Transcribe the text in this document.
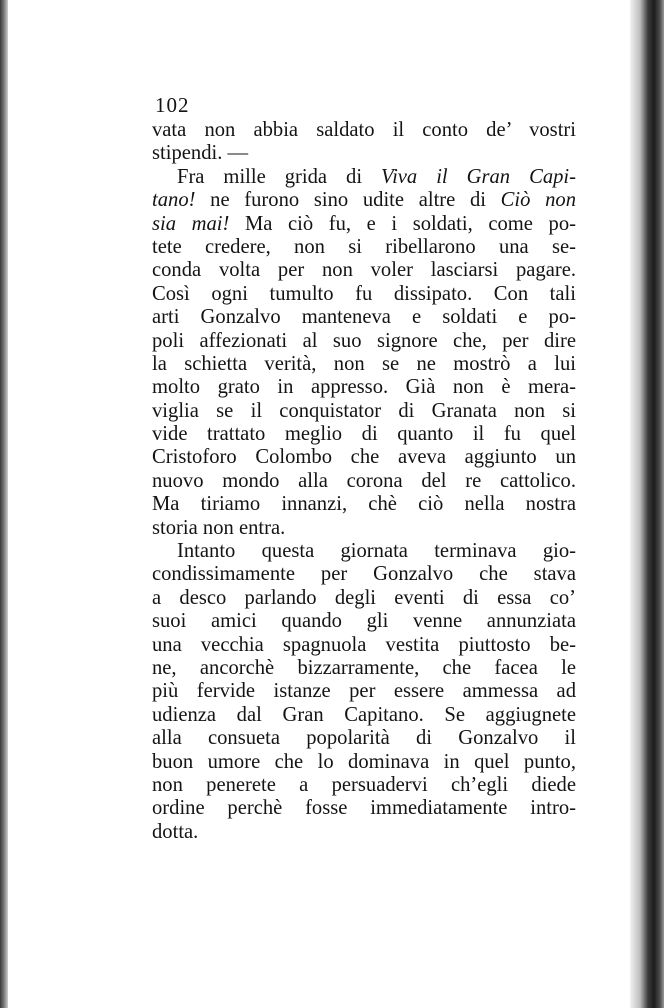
102
vata non abbia saldato il conto de’ vostri
stipendi. —
Fra mille grida di Viva il Gran Capi-
tano! ne furono sino udite altre di Ciò non
sia mai! Ma ciò fu, e i soldati, come po-
tete credere, non si ribellarono una se-
conda volta per non voler lasciarsi pagare.
Così ogni tumulto fu dissipato. Con tali
arti Gonzalvo manteneva e soldati e po-
poli affezionati al suo signore che, per dire
la schietta verità, non se ne mostrò a lui
molto grato in appresso. Già non è mera-
viglia se il conquistator di Granata non si
vide trattato meglio di quanto il fu quel
Cristoforo Colombo che aveva aggiunto un
nuovo mondo alla corona del re cattolico.
Ma tiriamo innanzi, chè ciò nella nostra
storia non entra.
Intanto questa giornata terminava gio-
condissimamente per Gonzalvo che stava
a desco parlando degli eventi di essa co’
suoi amici quando gli venne annunziata
una vecchia spagnuola vestita piuttosto be-
ne, ancorchè bizzarramente, che facea le
più fervide istanze per essere ammessa ad
udienza dal Gran Capitano. Se aggiugnete
alla consueta popolarità di Gonzalvo il
buon umore che lo dominava in quel punto,
non penerete a persuadervi ch’egli diede
ordine perchè fosse immediatamente intro-
dotta.
